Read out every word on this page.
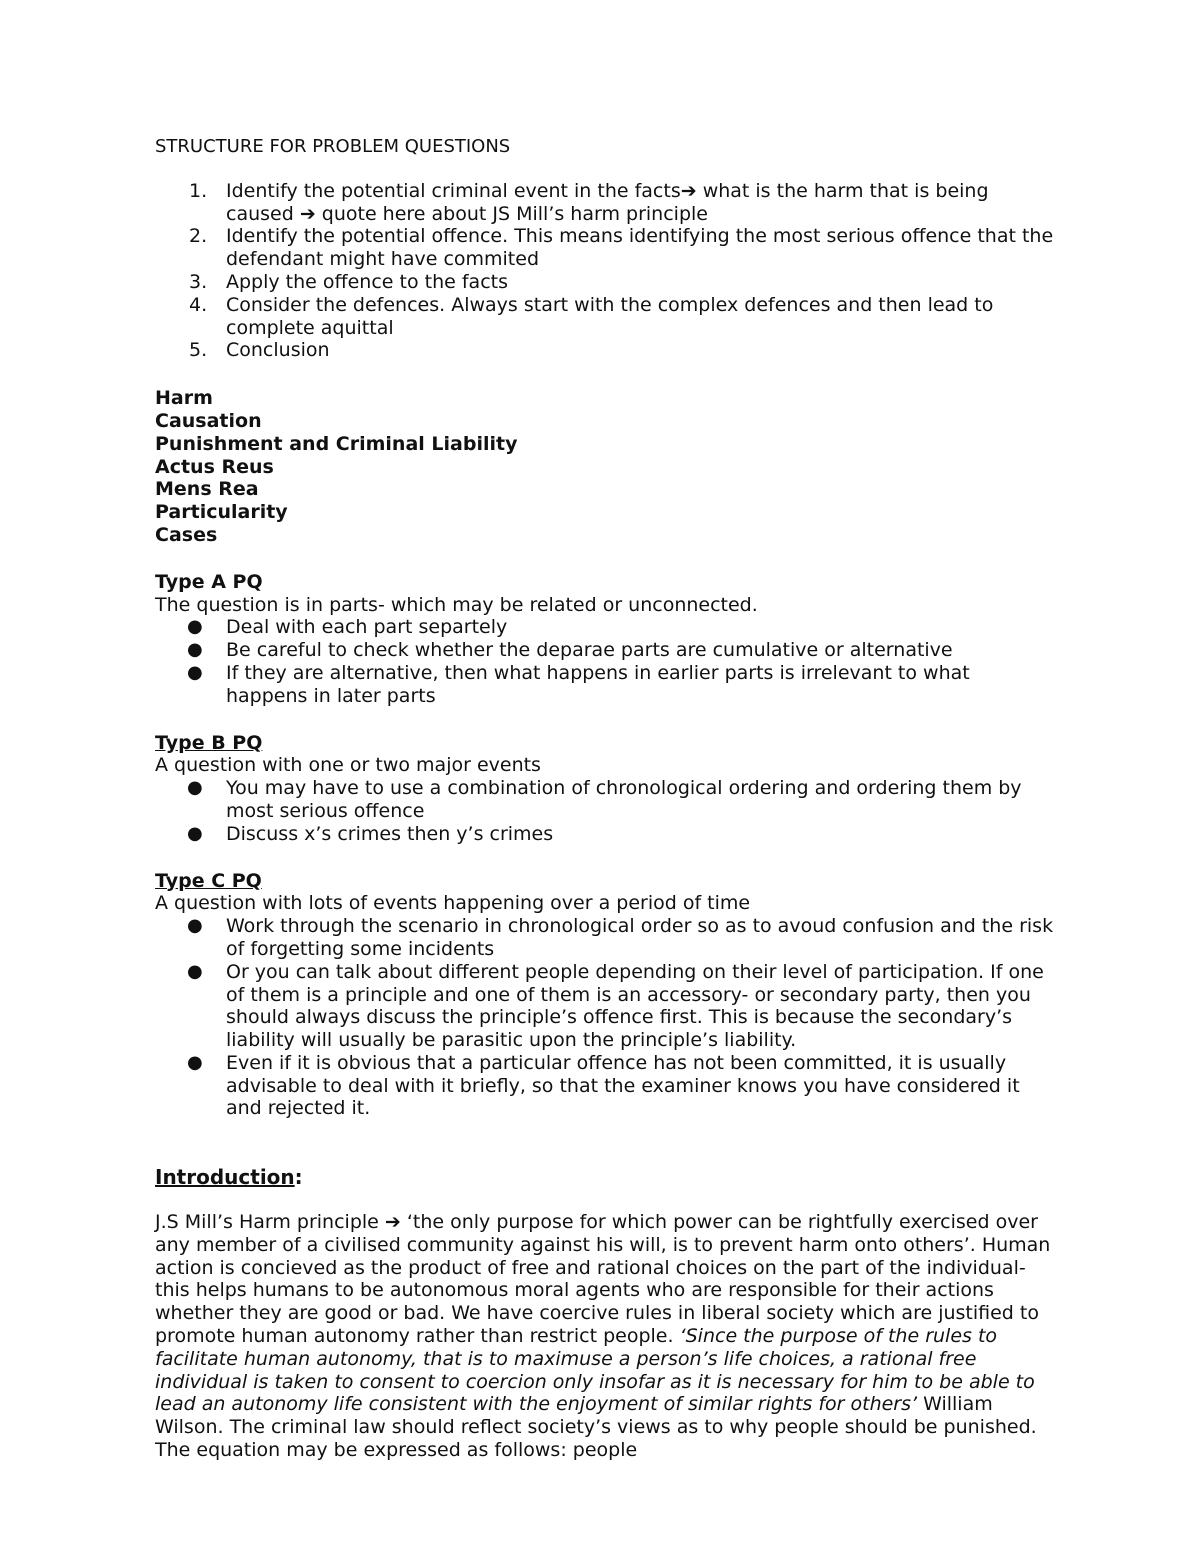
STRUCTURE FOR PROBLEM QUESTIONS

1. Identify the potential criminal event in the facts➔ what is the harm that is being caused ➔ quote here about JS Mill’s harm principle
2. Identify the potential offence. This means identifying the most serious offence that the defendant might have commited
3. Apply the offence to the facts
4. Consider the defences. Always start with the complex defences and then lead to complete aquittal
5. Conclusion
Harm
Causation
Punishment and Criminal Liability
Actus Reus
Mens Rea
Particularity
Cases

Type A PQ

The question is in parts- which may be related or unconnected.

● Deal with each part separtely
● Be careful to check whether the deparae parts are cumulative or alternative
● If they are alternative, then what happens in earlier parts is irrelevant to what happens in later parts

Type B PQ

A question with one or two major events

● You may have to use a combination of chronological ordering and ordering them by most serious offence
● Discuss x’s crimes then y’s crimes

Type C PQ

A question with lots of events happening over a period of time

● Work through the scenario in chronological order so as to avoud confusion and the risk of forgetting some incidents
● Or you can talk about different people depending on their level of participation. If one of them is a principle and one of them is an accessory- or secondary party, then you should always discuss the principle’s offence first. This is because the secondary’s liability will usually be parasitic upon the principle’s liability.
● Even if it is obvious that a particular offence has not been committed, it is usually advisable to deal with it briefly, so that the examiner knows you have considered it and rejected it.

Introduction:

J.S Mill’s Harm principle ➔ ‘the only purpose for which power can be rightfully exercised over any member of a civilised community against his will, is to prevent harm onto others’. Human action is concieved as the product of free and rational choices on the part of the individual- this helps humans to be autonomous moral agents who are responsible for their actions whether they are good or bad. We have coercive rules in liberal society which are justified to promote human autonomy rather than restrict people. ‘Since the purpose of the rules to facilitate human autonomy, that is to maximuse a person’s life choices, a rational free individual is taken to consent to coercion only insofar as it is necessary for him to be able to lead an autonomy life consistent with the enjoyment of similar rights for others’ William Wilson. The criminal law should reflect society’s views as to why people should be punished. The equation may be expressed as follows: people
